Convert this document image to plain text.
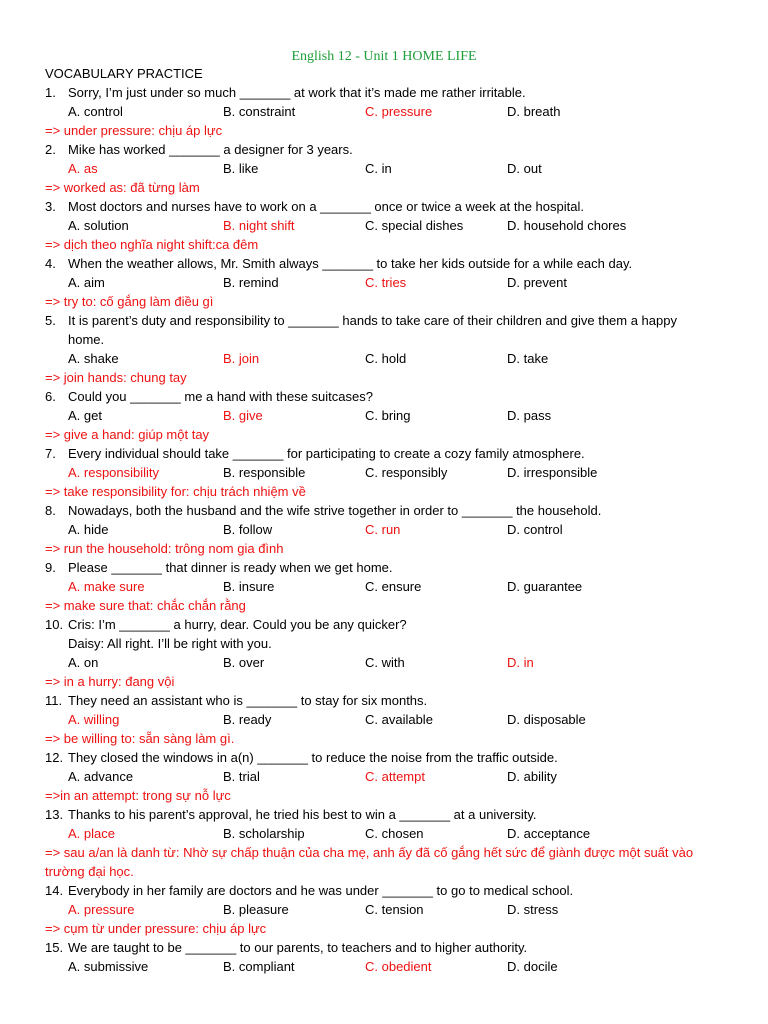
English 12 - Unit 1 HOME LIFE
VOCABULARY PRACTICE
1. Sorry, I’m just under so much _______ at work that it’s made me rather irritable.
A. control	B. constraint	C. pressure	D. breath
=> under pressure: chịu áp lực
2. Mike has worked _______ a designer for 3 years.
A. as	B. like	C. in	D. out
=> worked as: đã từng làm
3. Most doctors and nurses have to work on a _______ once or twice a week at the hospital.
A. solution	B. night shift	C. special dishes	D. household chores
=> dịch theo nghĩa night shift:ca đêm
4. When the weather allows, Mr. Smith always _______ to take her kids outside for a while each day.
A. aim	B. remind	C. tries	D. prevent
=> try to: cố gắng làm điều gì
5. It is parent’s duty and responsibility to _______ hands to take care of their children and give them a happy
home.
A. shake	B. join	C. hold	D. take
=> join hands: chung tay
6. Could you _______ me a hand with these suitcases?
A. get	B. give	C. bring	D. pass
=> give a hand: giúp một tay
7. Every individual should take _______ for participating to create a cozy family atmosphere.
A. responsibility	B. responsible	C. responsibly	D. irresponsible
=> take responsibility for: chịu trách nhiệm về
8. Nowadays, both the husband and the wife strive together in order to _______ the household.
A. hide	B. follow	C. run	D. control
=> run the household: trông nom gia đình
9. Please _______ that dinner is ready when we get home.
A. make sure	B. insure	C. ensure	D. guarantee
=> make sure that: chắc chắn rằng
10. Cris: I’m _______ a hurry, dear. Could you be any quicker?
Daisy: All right. I’ll be right with you.
A. on	B. over	C. with	D. in
=> in a hurry: đang vội
11. They need an assistant who is _______ to stay for six months.
A. willing	B. ready	C. available	D. disposable
=> be willing to: sẵn sàng làm gì.
12. They closed the windows in a(n) _______ to reduce the noise from the traffic outside.
A. advance	B. trial	C. attempt	D. ability
=>in an attempt: trong sự nỗ lực
13. Thanks to his parent’s approval, he tried his best to win a _______ at a university.
A. place	B. scholarship	C. chosen	D. acceptance
=> sau a/an là danh từ: Nhờ sự chấp thuận của cha mẹ, anh ấy đã cố gắng hết sức để giành được một suất vào
trường đại học.
14. Everybody in her family are doctors and he was under _______ to go to medical school.
A. pressure	B. pleasure	C. tension	D. stress
=> cụm từ under pressure: chịu áp lực
15. We are taught to be _______ to our parents, to teachers and to higher authority.
A. submissive	B. compliant	C. obedient	D. docile
